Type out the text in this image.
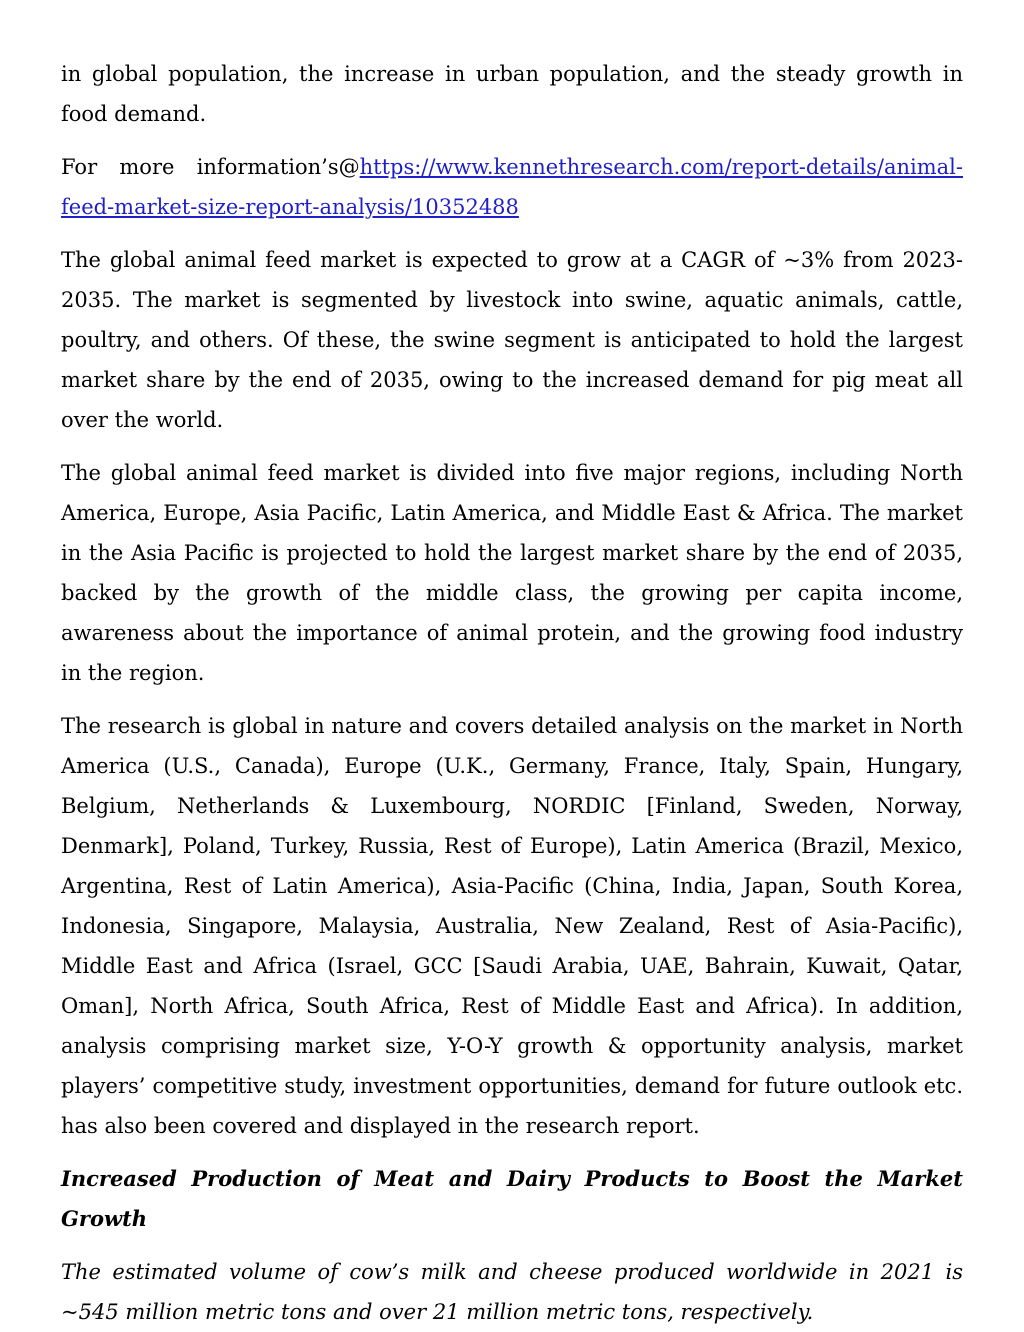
in global population, the increase in urban population, and the steady growth in food demand.

For more information’s@https://www.kennethresearch.com/report-details/animal-feed-market-size-report-analysis/10352488

The global animal feed market is expected to grow at a CAGR of ~3% from 2023-2035. The market is segmented by livestock into swine, aquatic animals, cattle, poultry, and others. Of these, the swine segment is anticipated to hold the largest market share by the end of 2035, owing to the increased demand for pig meat all over the world.

The global animal feed market is divided into five major regions, including North America, Europe, Asia Pacific, Latin America, and Middle East & Africa. The market in the Asia Pacific is projected to hold the largest market share by the end of 2035, backed by the growth of the middle class, the growing per capita income, awareness about the importance of animal protein, and the growing food industry in the region.

The research is global in nature and covers detailed analysis on the market in North America (U.S., Canada), Europe (U.K., Germany, France, Italy, Spain, Hungary, Belgium, Netherlands & Luxembourg, NORDIC [Finland, Sweden, Norway, Denmark], Poland, Turkey, Russia, Rest of Europe), Latin America (Brazil, Mexico, Argentina, Rest of Latin America), Asia-Pacific (China, India, Japan, South Korea, Indonesia, Singapore, Malaysia, Australia, New Zealand, Rest of Asia-Pacific), Middle East and Africa (Israel, GCC [Saudi Arabia, UAE, Bahrain, Kuwait, Qatar, Oman], North Africa, South Africa, Rest of Middle East and Africa). In addition, analysis comprising market size, Y-O-Y growth & opportunity analysis, market players’ competitive study, investment opportunities, demand for future outlook etc. has also been covered and displayed in the research report.

Increased Production of Meat and Dairy Products to Boost the Market Growth

The estimated volume of cow’s milk and cheese produced worldwide in 2021 is ~545 million metric tons and over 21 million metric tons, respectively.
